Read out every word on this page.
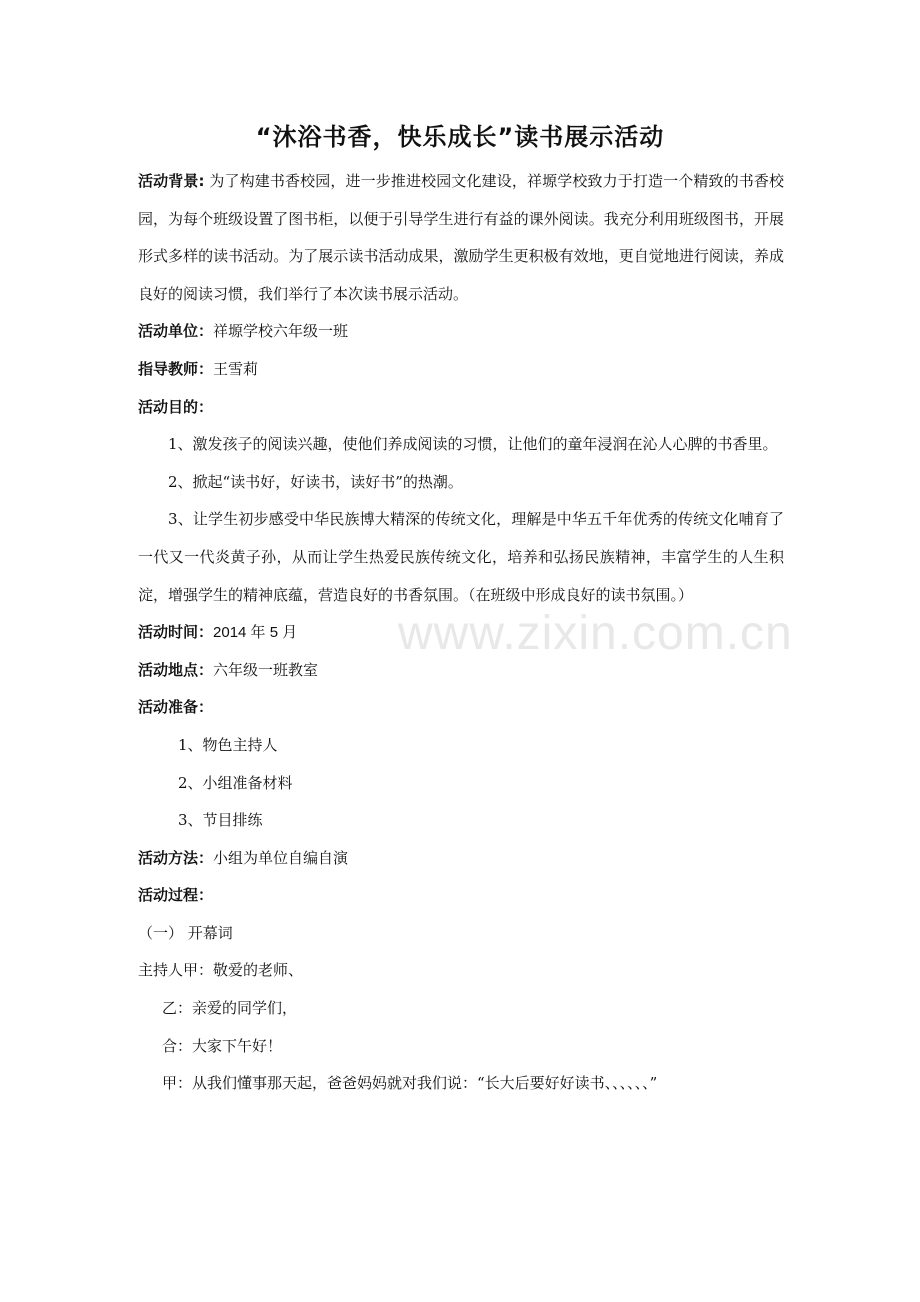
“沐浴书香，快乐成长”读书展示活动

活动背景: 为了构建书香校园，进一步推进校园文化建设，祥塬学校致力于打造一个精致的书香校园，为每个班级设置了图书柜，以便于引导学生进行有益的课外阅读。我充分利用班级图书，开展形式多样的读书活动。为了展示读书活动成果，激励学生更积极有效地，更自觉地进行阅读，养成良好的阅读习惯，我们举行了本次读书展示活动。

活动单位：祥塬学校六年级一班

指导教师：王雪莉

活动目的：

1、激发孩子的阅读兴趣，使他们养成阅读的习惯，让他们的童年浸润在沁人心脾的书香里。

2、掀起“读书好，好读书，读好书”的热潮。

3、让学生初步感受中华民族博大精深的传统文化，理解是中华五千年优秀的传统文化哺育了一代又一代炎黄子孙，从而让学生热爱民族传统文化，培养和弘扬民族精神，丰富学生的人生积淀，增强学生的精神底蕴，营造良好的书香氛围。（在班级中形成良好的读书氛围。）

活动时间：2014 年 5 月

活动地点：六年级一班教室

活动准备：

1、物色主持人

2、小组准备材料

3、节目排练

活动方法：小组为单位自编自演

活动过程：

（一） 开幕词

主持人甲：敬爱的老师、

乙：亲爱的同学们，

合：大家下午好！

甲：从我们懂事那天起，爸爸妈妈就对我们说：“长大后要好好读书、、、、、、”

www.zixin.com.cn
